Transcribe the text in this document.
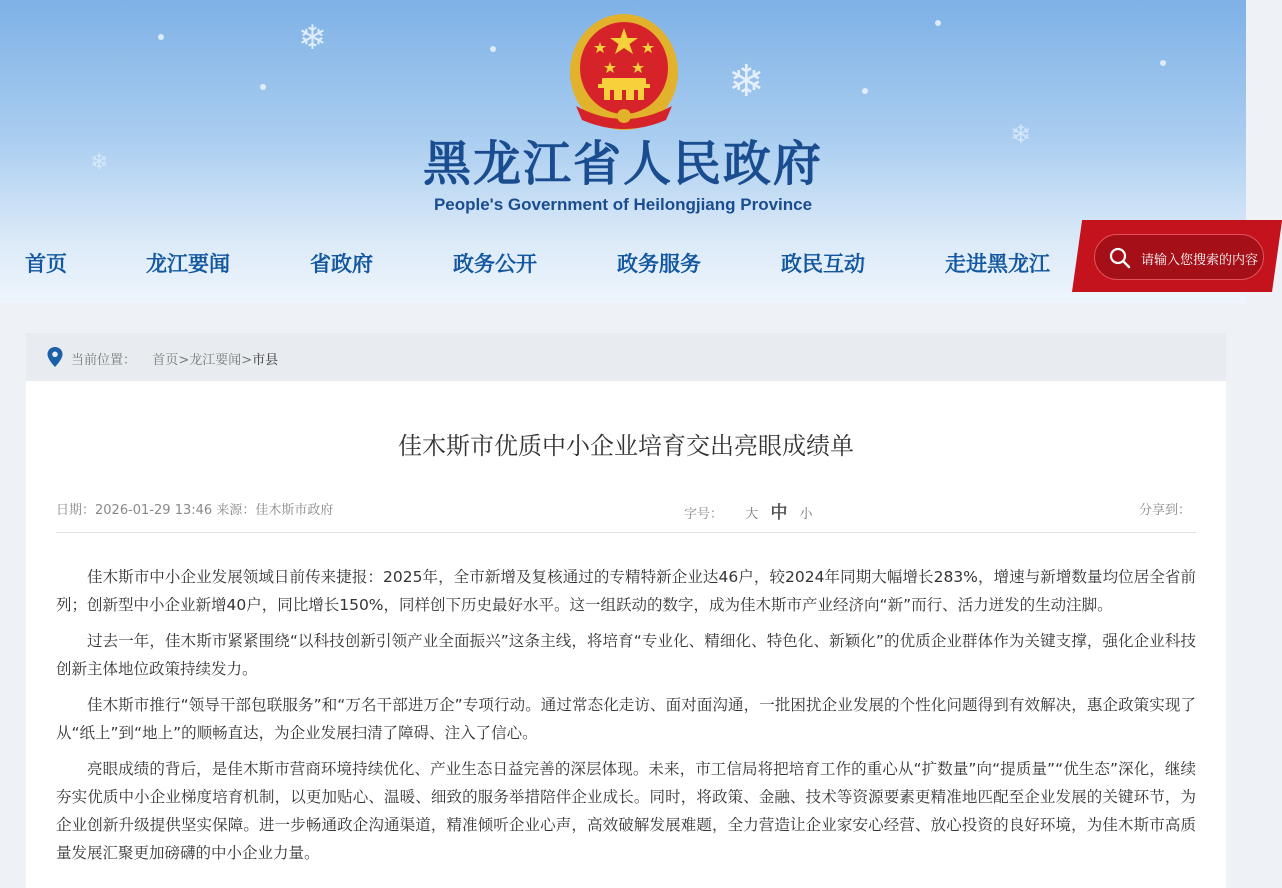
❄
❄
❄
❄	黑龙江省人民政府
People's Government of Heilongjiang Province
首页	龙江要闻	省政府	政务公开	政务服务	政民互动	走进黑龙江	请输入您搜索的内容
当前位置： 首页>龙江要闻>市县
佳木斯市优质中小企业培育交出亮眼成绩单
日期：2026-01-29 13:46 来源：佳木斯市政府	字号： 大 中 小	分享到：

佳木斯市中小企业发展领域日前传来捷报：2025年，全市新增及复核通过的专精特新企业达46户，较2024年同期大幅增长283%，增速与新增数量均位居全省前列；创新型中小企业新增40户，同比增长150%，同样创下历史最好水平。这一组跃动的数字，成为佳木斯市产业经济向“新”而行、活力迸发的生动注脚。

过去一年，佳木斯市紧紧围绕“以科技创新引领产业全面振兴”这条主线，将培育“专业化、精细化、特色化、新颖化”的优质企业群体作为关键支撑，强化企业科技创新主体地位政策持续发力。

佳木斯市推行“领导干部包联服务”和“万名干部进万企”专项行动。通过常态化走访、面对面沟通，一批困扰企业发展的个性化问题得到有效解决，惠企政策实现了从“纸上”到“地上”的顺畅直达，为企业发展扫清了障碍、注入了信心。

亮眼成绩的背后，是佳木斯市营商环境持续优化、产业生态日益完善的深层体现。未来，市工信局将把培育工作的重心从“扩数量”向“提质量”“优生态”深化，继续夯实优质中小企业梯度培育机制，以更加贴心、温暖、细致的服务举措陪伴企业成长。同时，将政策、金融、技术等资源要素更精准地匹配至企业发展的关键环节，为企业创新升级提供坚实保障。进一步畅通政企沟通渠道，精准倾听企业心声，高效破解发展难题，全力营造让企业家安心经营、放心投资的良好环境，为佳木斯市高质量发展汇聚更加磅礴的中小企业力量。
